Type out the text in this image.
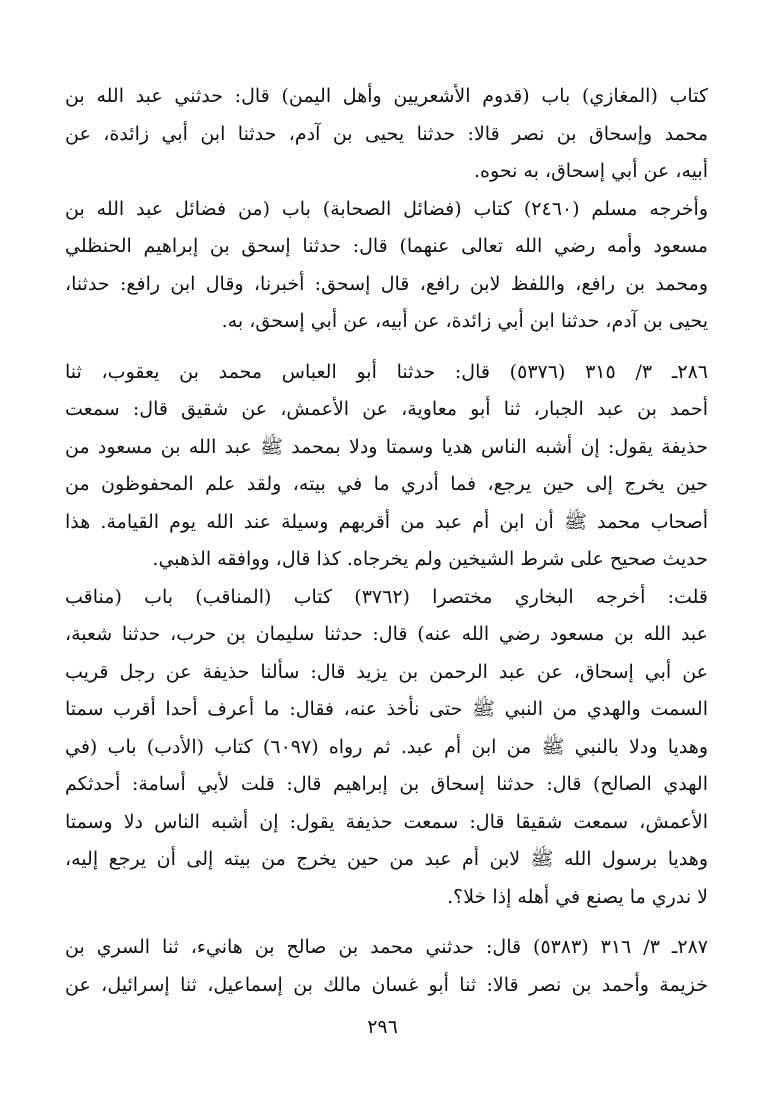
كتاب (المغازي) باب (قدوم الأشعريين وأهل اليمن) قال: حدثني عبد الله بن
محمد وإسحاق بن نصر قالا: حدثنا يحيى بن آدم، حدثنا ابن أبي زائدة، عن
أبيه، عن أبي إسحاق، به نحوه.
وأخرجه مسلم (٢٤٦٠) كتاب (فضائل الصحابة) باب (من فضائل عبد الله بن
مسعود وأمه رضي الله تعالى عنهما) قال: حدثنا إسحق بن إبراهيم الحنظلي
ومحمد بن رافع، واللفظ لابن رافع، قال إسحق: أخبرنا، وقال ابن رافع: حدثنا،
يحيى بن آدم، حدثنا ابن أبي زائدة، عن أبيه، عن أبي إسحق، به.
٢٨٦ـ ٣/ ٣١٥ (٥٣٧٦) قال: حدثنا أبو العباس محمد بن يعقوب، ثنا
أحمد بن عبد الجبار، ثنا أبو معاوية، عن الأعمش، عن شقيق قال: سمعت
حذيفة يقول: إن أشبه الناس هديا وسمتا ودلا بمحمد ﷺ عبد الله بن مسعود من
حين يخرج إلى حين يرجع، فما أدري ما في بيته، ولقد علم المحفوظون من
أصحاب محمد ﷺ أن ابن أم عبد من أقربهم وسيلة عند الله يوم القيامة. هذا
حديث صحيح على شرط الشيخين ولم يخرجاه. كذا قال، ووافقه الذهبي.
قلت: أخرجه البخاري مختصرا (٣٧٦٢) كتاب (المناقب) باب (مناقب
عبد الله بن مسعود رضي الله عنه) قال: حدثنا سليمان بن حرب، حدثنا شعبة،
عن أبي إسحاق، عن عبد الرحمن بن يزيد قال: سألنا حذيفة عن رجل قريب
السمت والهدي من النبي ﷺ حتى نأخذ عنه، فقال: ما أعرف أحدا أقرب سمتا
وهديا ودلا بالنبي ﷺ من ابن أم عبد. ثم رواه (٦٠٩٧) كتاب (الأدب) باب (في
الهدي الصالح) قال: حدثنا إسحاق بن إبراهيم قال: قلت لأبي أسامة: أحدثكم
الأعمش، سمعت شقيقا قال: سمعت حذيفة يقول: إن أشبه الناس دلا وسمتا
وهديا برسول الله ﷺ لابن أم عبد من حين يخرج من بيته إلى أن يرجع إليه،
لا ندري ما يصنع في أهله إذا خلا؟.
٢٨٧ـ ٣/ ٣١٦ (٥٣٨٣) قال: حدثني محمد بن صالح بن هانيء، ثنا السري بن
خزيمة وأحمد بن نصر قالا: ثنا أبو غسان مالك بن إسماعيل، ثنا إسرائيل، عن
٢٩٦
